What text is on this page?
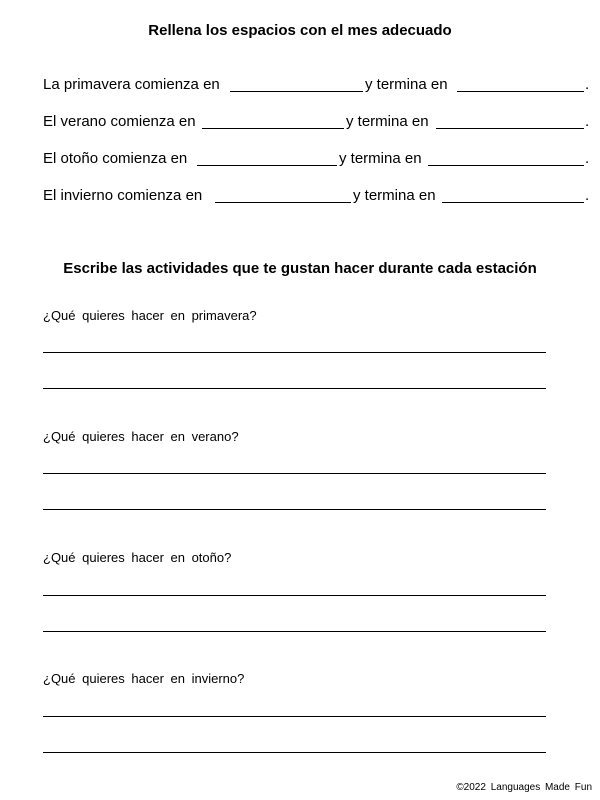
Rellena los espacios con el mes adecuado
La primavera comienza en	y termina en	.
El verano comienza en	y termina en	.
El otoño comienza en	y termina en	.
El invierno comienza en	y termina en	.
Escribe las actividades que te gustan hacer durante cada estación
¿Qué quieres hacer en primavera?
¿Qué quieres hacer en verano?
¿Qué quieres hacer en otoño?
¿Qué quieres hacer en invierno?
©2022 Languages Made Fun
